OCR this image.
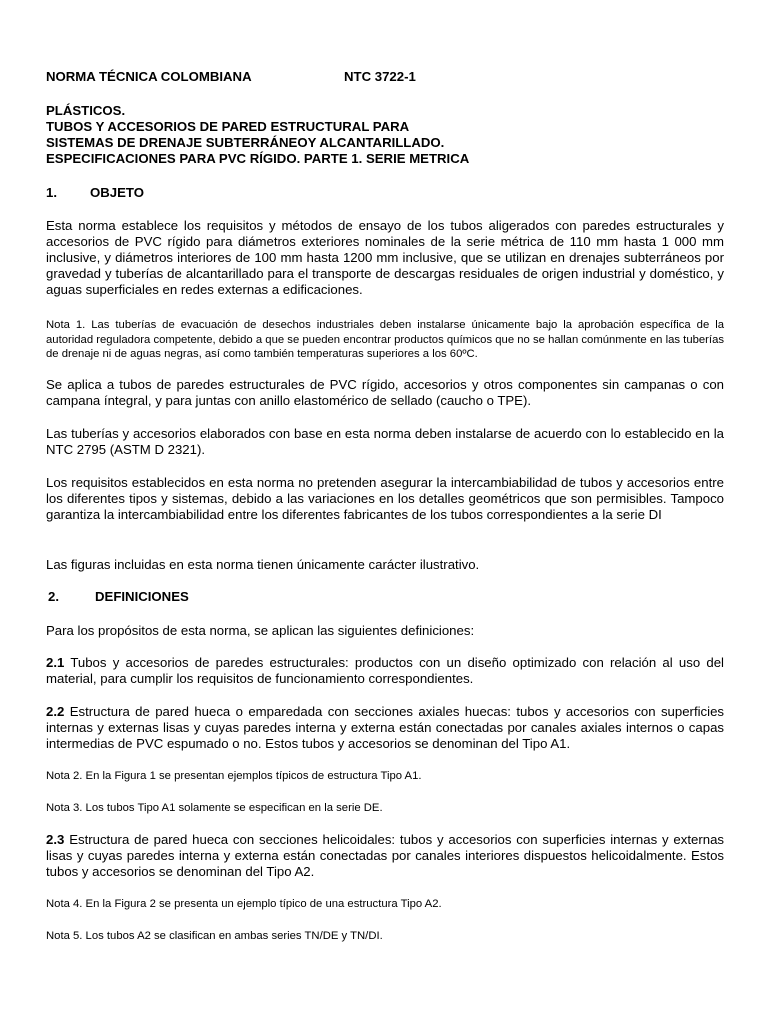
NORMA TÉCNICA COLOMBIANA	NTC 3722-1
PLÁSTICOS.
TUBOS Y ACCESORIOS DE PARED ESTRUCTURAL PARA
SISTEMAS DE DRENAJE SUBTERRÁNEOY ALCANTARILLADO.
ESPECIFICACIONES PARA PVC RÍGIDO. PARTE 1. SERIE METRICA
1.	OBJETO

Esta norma establece los requisitos y métodos de ensayo de los tubos aligerados con paredes estructurales y accesorios de PVC rígido para diámetros exteriores nominales de la serie métrica de 110 mm hasta 1 000 mm inclusive, y diámetros interiores de 100 mm hasta 1200 mm inclusive, que se utilizan en drenajes subterráneos por gravedad y tuberías de alcantarillado para el transporte de descargas residuales de origen industrial y doméstico, y aguas superficiales en redes externas a edificaciones.

Nota 1. Las tuberías de evacuación de desechos industriales deben instalarse únicamente bajo la aprobación específica de la autoridad reguladora competente, debido a que se pueden encontrar productos químicos que no se hallan comúnmente en las tuberías de drenaje ni de aguas negras, así como también temperaturas superiores a los 60ºC.

Se aplica a tubos de paredes estructurales de PVC rígido, accesorios y otros componentes sin campanas o con campana íntegral, y para juntas con anillo elastomérico de sellado (caucho o TPE).

Las tuberías y accesorios elaborados con base en esta norma deben instalarse de acuerdo con lo establecido en la NTC 2795 (ASTM D 2321).

Los requisitos establecidos en esta norma no pretenden asegurar la intercambiabilidad de tubos y accesorios entre los diferentes tipos y sistemas, debido a las variaciones en los detalles geométricos que son permisibles. Tampoco garantiza la intercambiabilidad entre los diferentes fabricantes de los tubos correspondientes a la serie DI

Las figuras incluidas en esta norma tienen únicamente carácter ilustrativo.

2.	DEFINICIONES

Para los propósitos de esta norma, se aplican las siguientes definiciones:

2.1 Tubos y accesorios de paredes estructurales: productos con un diseño optimizado con relación al uso del material, para cumplir los requisitos de funcionamiento correspondientes.

2.2 Estructura de pared hueca o emparedada con secciones axiales huecas: tubos y accesorios con superficies internas y externas lisas y cuyas paredes interna y externa están conectadas por canales axiales internos o capas intermedias de PVC espumado o no. Estos tubos y accesorios se denominan del Tipo A1.

Nota 2. En la Figura 1 se presentan ejemplos típicos de estructura Tipo A1.

Nota 3. Los tubos Tipo A1 solamente se especifican en la serie DE.

2.3 Estructura de pared hueca con secciones helicoidales: tubos y accesorios con superficies internas y externas lisas y cuyas paredes interna y externa están conectadas por canales interiores dispuestos helicoidalmente. Estos tubos y accesorios se denominan del Tipo A2.

Nota 4. En la Figura 2 se presenta un ejemplo típico de una estructura Tipo A2.

Nota 5. Los tubos A2 se clasifican en ambas series TN/DE y TN/DI.
